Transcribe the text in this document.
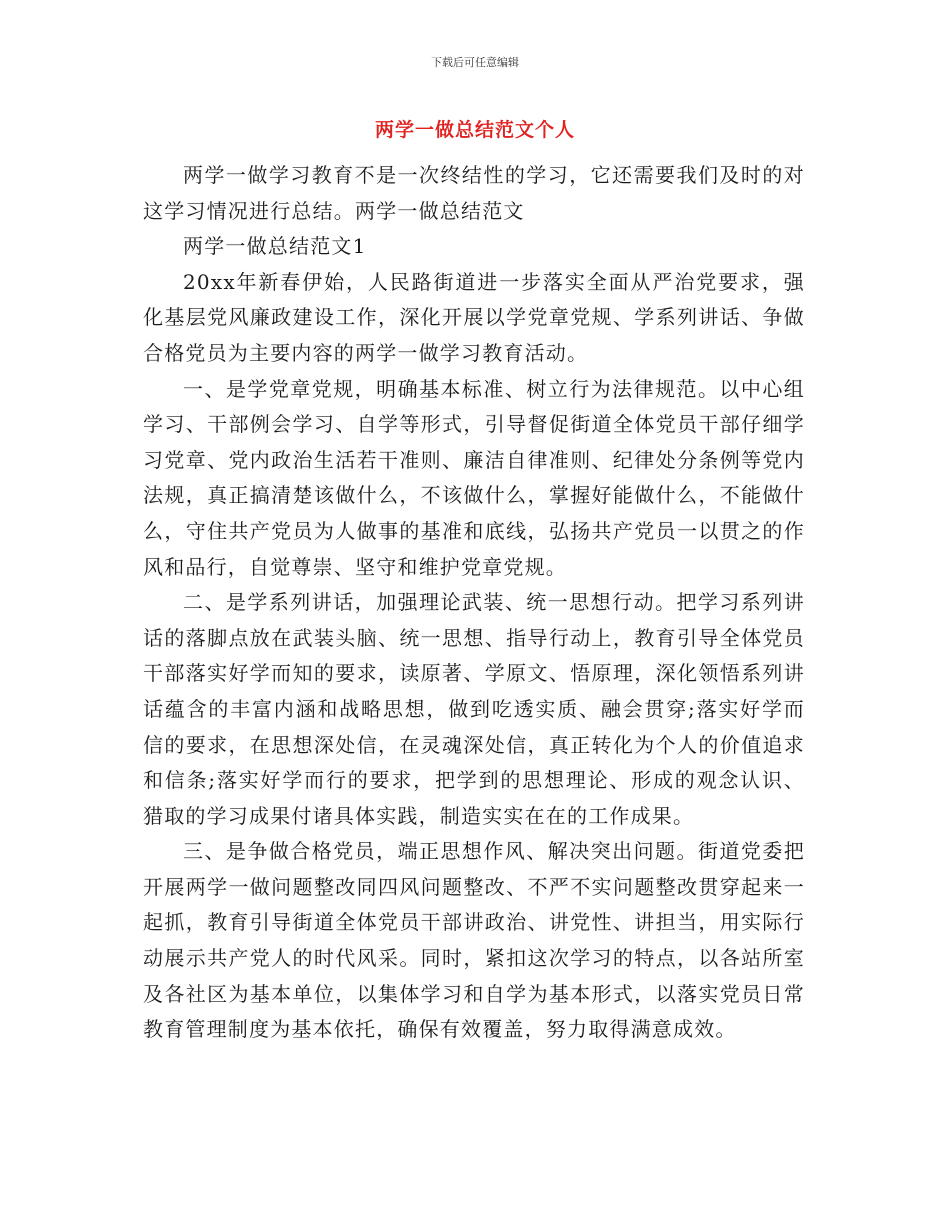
下载后可任意编辑
两学一做总结范文个人

两学一做学习教育不是一次终结性的学习，它还需要我们及时的对这学习情况进行总结。两学一做总结范文

两学一做总结范文1

20xx年新春伊始，人民路街道进一步落实全面从严治党要求，强化基层党风廉政建设工作，深化开展以学党章党规、学系列讲话、争做合格党员为主要内容的两学一做学习教育活动。

一、是学党章党规，明确基本标准、树立行为法律规范。以中心组学习、干部例会学习、自学等形式，引导督促街道全体党员干部仔细学习党章、党内政治生活若干准则、廉洁自律准则、纪律处分条例等党内法规，真正搞清楚该做什么，不该做什么，掌握好能做什么，不能做什么，守住共产党员为人做事的基准和底线，弘扬共产党员一以贯之的作风和品行，自觉尊崇、坚守和维护党章党规。

二、是学系列讲话，加强理论武装、统一思想行动。把学习系列讲话的落脚点放在武装头脑、统一思想、指导行动上，教育引导全体党员干部落实好学而知的要求，读原著、学原文、悟原理，深化领悟系列讲话蕴含的丰富内涵和战略思想，做到吃透实质、融会贯穿;落实好学而信的要求，在思想深处信，在灵魂深处信，真正转化为个人的价值追求和信条;落实好学而行的要求，把学到的思想理论、形成的观念认识、猎取的学习成果付诸具体实践，制造实实在在的工作成果。

三、是争做合格党员，端正思想作风、解决突出问题。街道党委把开展两学一做问题整改同四风问题整改、不严不实问题整改贯穿起来一起抓，教育引导街道全体党员干部讲政治、讲党性、讲担当，用实际行动展示共产党人的时代风采。同时，紧扣这次学习的特点，以各站所室及各社区为基本单位，以集体学习和自学为基本形式，以落实党员日常教育管理制度为基本依托，确保有效覆盖，努力取得满意成效。
